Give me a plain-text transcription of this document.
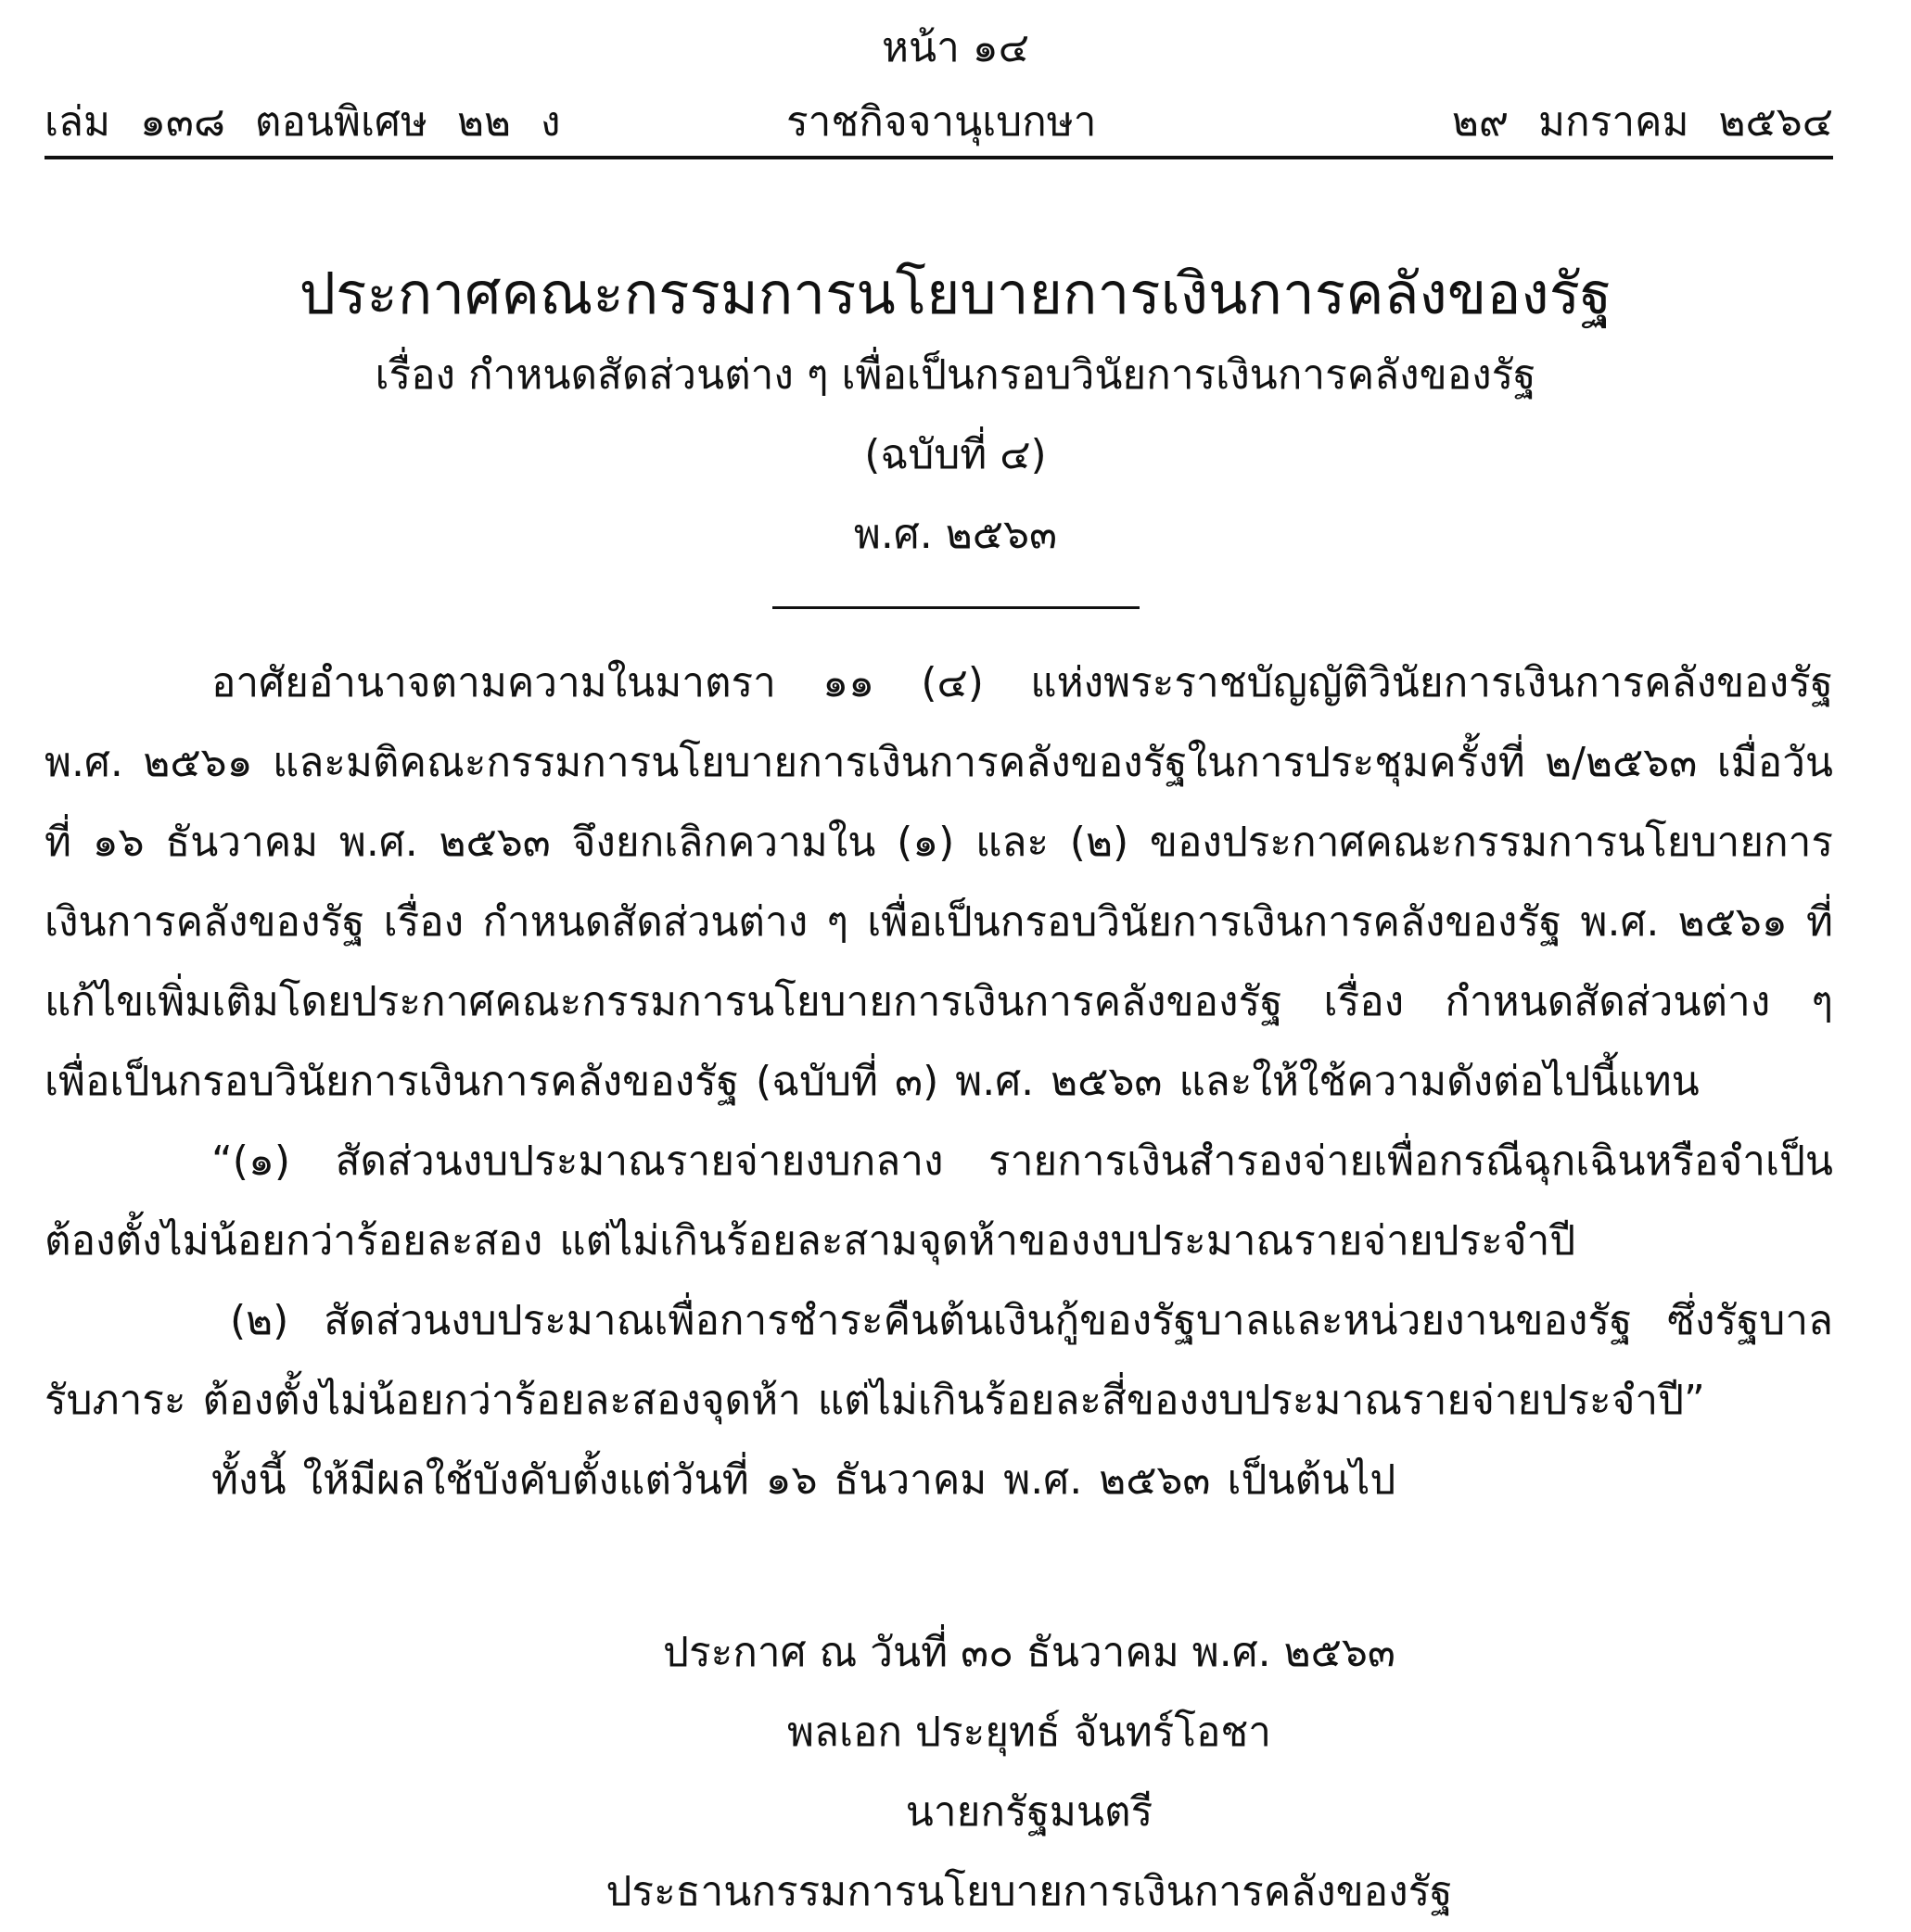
หน้า ๑๔
เล่ม ๑๓๘ ตอนพิเศษ ๒๒ ง	ราชกิจจานุเบกษา	๒๙ มกราคม ๒๕๖๔
ประกาศคณะกรรมการนโยบายการเงินการคลังของรัฐ
เรื่อง กำหนดสัดส่วนต่าง ๆ เพื่อเป็นกรอบวินัยการเงินการคลังของรัฐ
(ฉบับที่ ๔)
พ.ศ. ๒๕๖๓

อาศัยอำนาจตามความในมาตรา ๑๑ (๔) แห่งพระราชบัญญัติวินัยการเงินการคลังของรัฐ พ.ศ. ๒๕๖๑ และมติคณะกรรมการนโยบายการเงินการคลังของรัฐในการประชุมครั้งที่ ๒/๒๕๖๓ เมื่อวันที่ ๑๖ ธันวาคม พ.ศ. ๒๕๖๓ จึงยกเลิกความใน (๑) และ (๒) ของประกาศคณะกรรมการนโยบายการเงินการคลังของรัฐ เรื่อง กำหนดสัดส่วนต่าง ๆ เพื่อเป็นกรอบวินัยการเงินการคลังของรัฐ พ.ศ. ๒๕๖๑ ที่แก้ไขเพิ่มเติมโดยประกาศคณะกรรมการนโยบายการเงินการคลังของรัฐ เรื่อง กำหนดสัดส่วนต่าง ๆ เพื่อเป็นกรอบวินัยการเงินการคลังของรัฐ (ฉบับที่ ๓) พ.ศ. ๒๕๖๓ และให้ใช้ความดังต่อไปนี้แทน

“(๑) สัดส่วนงบประมาณรายจ่ายงบกลาง รายการเงินสำรองจ่ายเพื่อกรณีฉุกเฉินหรือจำเป็น ต้องตั้งไม่น้อยกว่าร้อยละสอง แต่ไม่เกินร้อยละสามจุดห้าของงบประมาณรายจ่ายประจำปี

(๒) สัดส่วนงบประมาณเพื่อการชำระคืนต้นเงินกู้ของรัฐบาลและหน่วยงานของรัฐ ซึ่งรัฐบาลรับภาระ ต้องตั้งไม่น้อยกว่าร้อยละสองจุดห้า แต่ไม่เกินร้อยละสี่ของงบประมาณรายจ่ายประจำปี”

ทั้งนี้ ให้มีผลใช้บังคับตั้งแต่วันที่ ๑๖ ธันวาคม พ.ศ. ๒๕๖๓ เป็นต้นไป

ประกาศ ณ วันที่ ๓๐ ธันวาคม พ.ศ. ๒๕๖๓
พลเอก ประยุทธ์ จันทร์โอชา
นายกรัฐมนตรี
ประธานกรรมการนโยบายการเงินการคลังของรัฐ
